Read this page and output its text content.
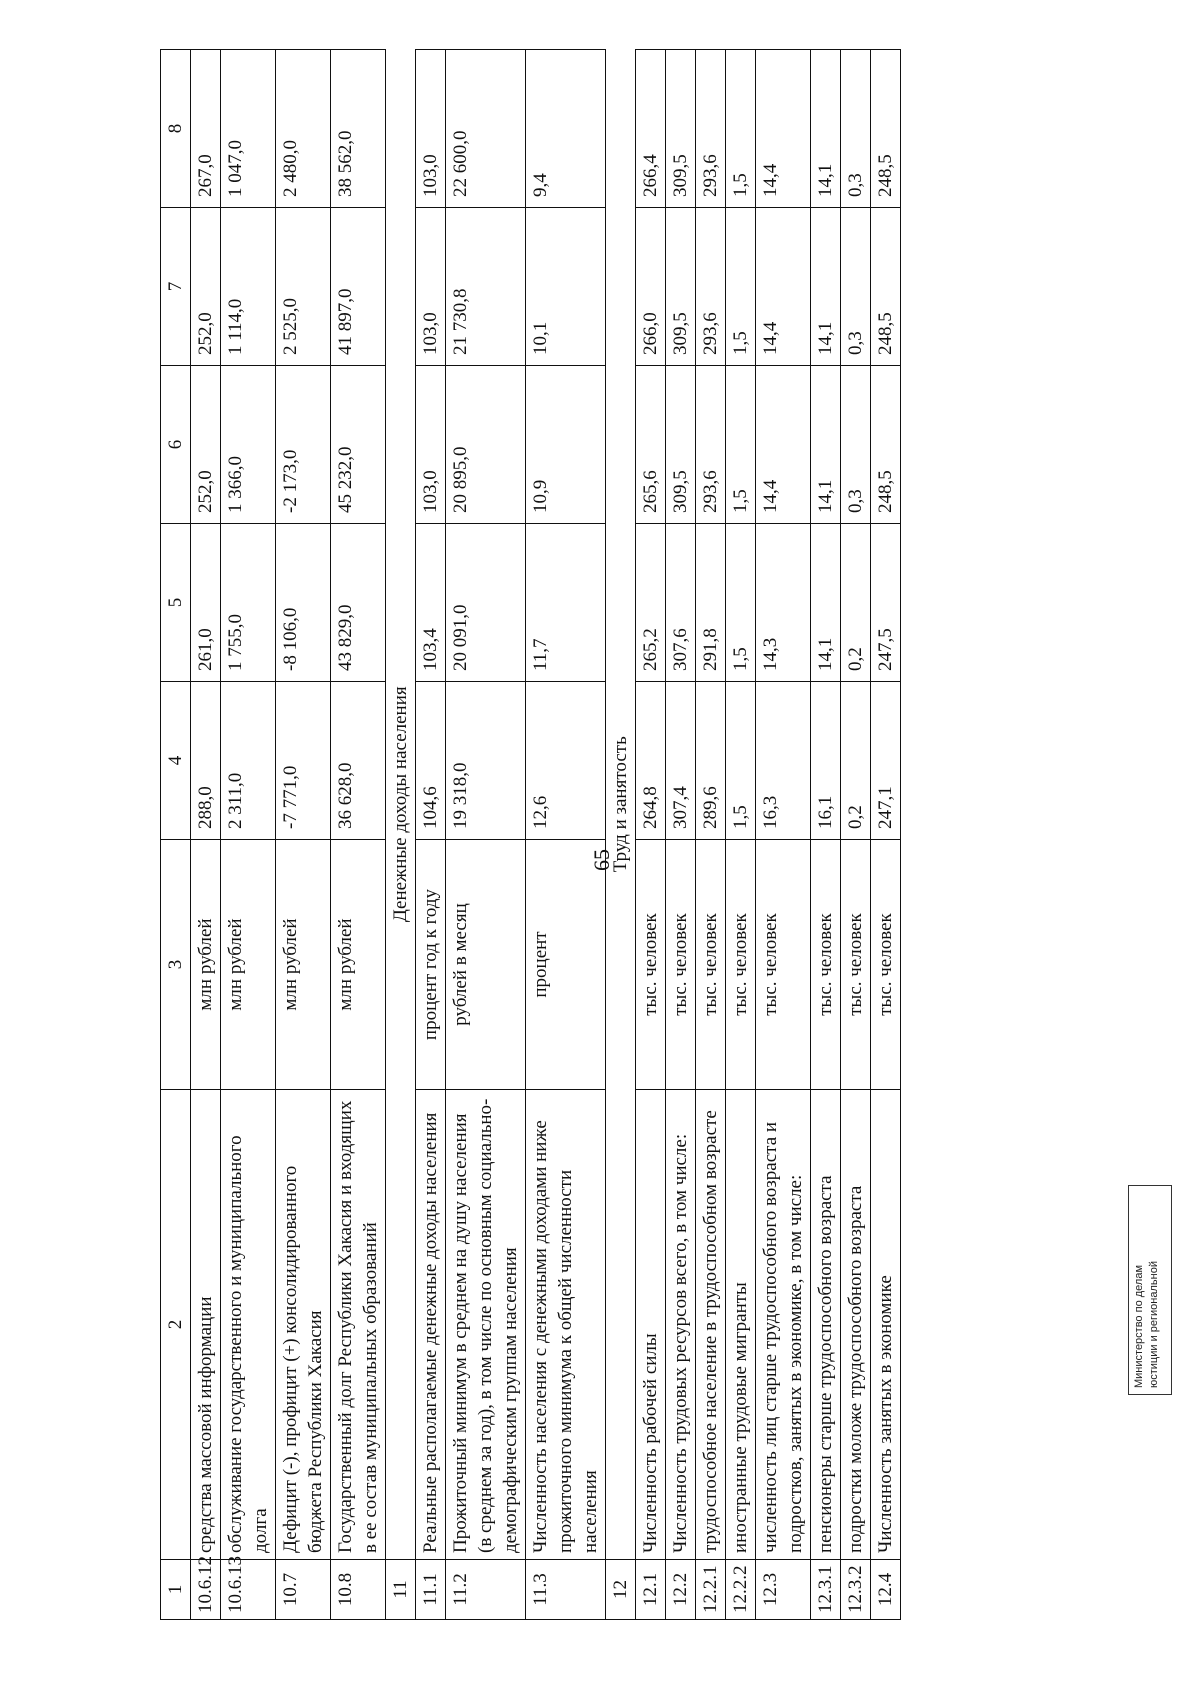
65
1	2	3	4	5	6	7	8
10.6.12	средства массовой информации	млн рублей	288,0	261,0	252,0	252,0	267,0
10.6.13	обслуживание государственного и муниципального долга	млн рублей	2 311,0	1 755,0	1 366,0	1 114,0	1 047,0
10.7	Дефицит (-), профицит (+) консолидированного бюджета Республики Хакасия	млн рублей	-7 771,0	-8 106,0	-2 173,0	2 525,0	2 480,0
10.8	Государственный долг Республики Хакасия и входящих в ее состав муниципальных образований	млн рублей	36 628,0	43 829,0	45 232,0	41 897,0	38 562,0
11	Денежные доходы населения						
11.1	Реальные располагаемые денежные доходы населения	процент год к году	104,6	103,4	103,0	103,0	103,0
11.2	Прожиточный минимум в среднем на душу населения (в среднем за год), в том числе по основным социально-демографическим группам населения	рублей в месяц	19 318,0	20 091,0	20 895,0	21 730,8	22 600,0
11.3	Численность населения с денежными доходами ниже прожиточного минимума к общей численности населения	процент	12,6	11,7	10,9	10,1	9,4
12	Труд и занятость						
12.1	Численность рабочей силы	тыс. человек	264,8	265,2	265,6	266,0	266,4
12.2	Численность трудовых ресурсов всего, в том числе:	тыс. человек	307,4	307,6	309,5	309,5	309,5
12.2.1	трудоспособное население в трудоспособном возрасте	тыс. человек	289,6	291,8	293,6	293,6	293,6
12.2.2	иностранные трудовые мигранты	тыс. человек	1,5	1,5	1,5	1,5	1,5
12.3	численность лиц старше трудоспособного возраста и подростков, занятых в экономике, в том числе:	тыс. человек	16,3	14,3	14,4	14,4	14,4
12.3.1	пенсионеры старше трудоспособного возраста	тыс. человек	16,1	14,1	14,1	14,1	14,1
12.3.2	подростки моложе трудоспособного возраста	тыс. человек	0,2	0,2	0,3	0,3	0,3
12.4	Численность занятых в экономике	тыс. человек	247,1	247,5	248,5	248,5	248,5
Министерство по делам юстиции и региональной
